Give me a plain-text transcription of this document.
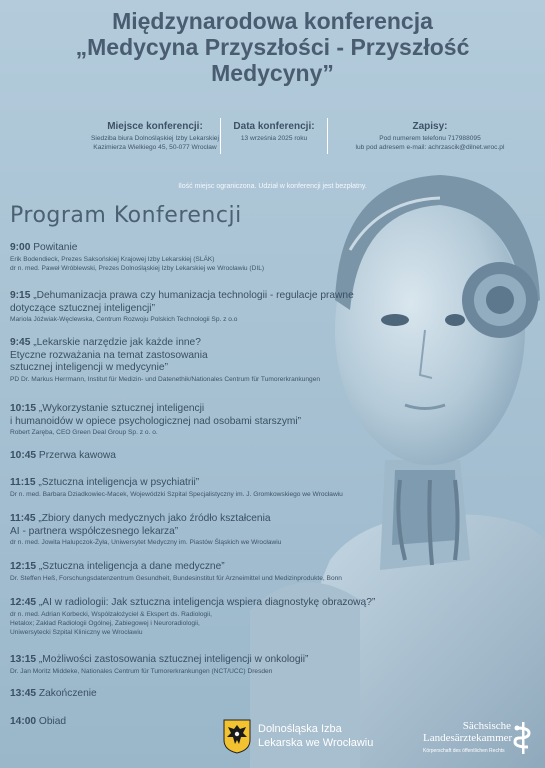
Międzynarodowa konferencja
„Medycyna Przyszłości - Przyszłość
Medycyny”
Miejsce konferencji:
Siedziba biura Dolnośląskiej Izby Lekarskiej
Kazimierza Wielkiego 45, 50-077 Wrocław
Data konferencji:
13 września 2025 roku
Zapisy:
Pod numerem telefonu 717988095
lub pod adresem e-mail: achrzascik@dilnet.wroc.pl
Ilość miejsc ograniczona. Udział w konferencji jest bezpłatny.
Program Konferencji
9:00 Powitanie
Erik Bodendieck, Prezes Saksońskiej Krajowej Izby Lekarskiej (SLÄK)
dr n. med. Paweł Wróblewski, Prezes Dolnośląskiej Izby Lekarskiej we Wrocławiu (DIL)
9:15 „Dehumanizacja prawa czy humanizacja technologii - regulacje prawne
dotyczące sztucznej inteligencji”
Mariola Jóźwiak-Węclewska, Centrum Rozwoju Polskich Technologii Sp. z o.o
9:45 „Lekarskie narzędzie jak każde inne?
Etyczne rozważania na temat zastosowania
sztucznej inteligencji w medycynie”
PD Dr. Markus Herrmann, Institut für Medizin- und Datenethik/Nationales Centrum für Tumorerkrankungen
10:15 „Wykorzystanie sztucznej inteligencji
i humanoidów w opiece psychologicznej nad osobami starszymi”
Robert Zaręba, CEO Green Deal Group Sp. z o. o.
10:45 Przerwa kawowa
11:15 „Sztuczna inteligencja w psychiatrii”
Dr n. med. Barbara Dziadkowiec-Macek, Wojewódzki Szpital Specjalistyczny im. J. Gromkowskiego we Wrocławiu
11:45 „Zbiory danych medycznych jako źródło kształcenia
AI - partnera współczesnego lekarza”
dr n. med. Jowita Halupczok-Żyła, Uniwersytet Medyczny im. Piastów Śląskich we Wrocławiu
12:15 „Sztuczna inteligencja a dane medyczne”
Dr. Steffen Heß, Forschungsdatenzentrum Gesundheit, Bundesinstitut für Arzneimittel und Medizinprodukte, Bonn
12:45 „AI w radiologii: Jak sztuczna inteligencja wspiera diagnostykę obrazową?”
dr n. med. Adrian Korbecki, Współzałożyciel & Ekspert ds. Radiologii,
Hetalox; Zakład Radiologii Ogólnej, Zabiegowej i Neuroradiologii,
Uniwersytecki Szpital Kliniczny we Wrocławiu
13:15 „Możliwości zastosowania sztucznej inteligencji w onkologii”
Dr. Jan Moritz Middeke, Nationales Centrum für Tumorerkrankungen (NCT/UCC) Dresden
13:45 Zakończenie
14:00 Obiad
Dolnośląska Izba
Lekarska we Wrocławiu
Sächsische
Landesärztekammer
Körperschaft des öffentlichen Rechts
